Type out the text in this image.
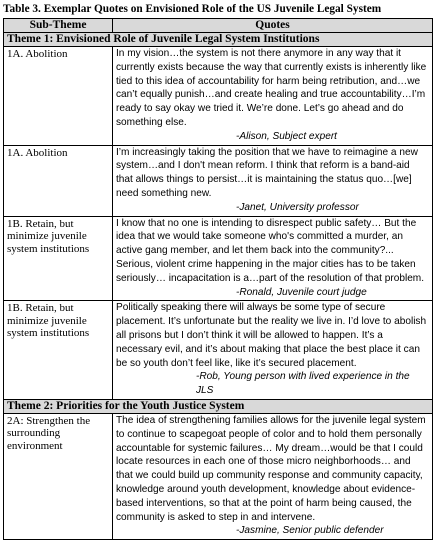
Table 3. Exemplar Quotes on Envisioned Role of the US Juvenile Legal System
Sub-Theme	Quotes
Theme 1: Envisioned Role of Juvenile Legal System Institutions	
1A. Abolition	In my vision…the system is not there anymore in any way that it currently exists because the way that currently exists is inherently like tied to this idea of accountability for harm being retribution, and…we can’t equally punish…and create healing and true accountability…I’m ready to say okay we tried it. We’re done. Let’s go ahead and do something else.
-Alison, Subject expert

1A. Abolition	I’m increasingly taking the position that we have to reimagine a new system…and I don't mean reform. I think that reform is a band-aid that allows things to persist…it is maintaining the status quo…[we] need something new.
-Janet, University professor

1B. Retain, but minimize juvenile system institutions	I know that no one is intending to disrespect public safety… But the idea that we would take someone who's committed a murder, an active gang member, and let them back into the community?... Serious, violent crime happening in the major cities has to be taken seriously… incapacitation is a…part of the resolution of that problem.
-Ronald, Juvenile court judge

1B. Retain, but minimize juvenile system institutions	Politically speaking there will always be some type of secure placement. It’s unfortunate but the reality we live in. I’d love to abolish all prisons but I don’t think it will be allowed to happen. It’s a necessary evil, and it’s about making that place the best place it can be so youth don’t feel like, like it’s secured placement.
-Rob, Young person with lived experience in the JLS

Theme 2: Priorities for the Youth Justice System	
2A: Strengthen the surrounding environment	The idea of strengthening families allows for the juvenile legal system to continue to scapegoat people of color and to hold them personally accountable for systemic failures… My dream…would be that I could locate resources in each one of those micro neighborhoods… and that we could build up community response and community capacity, knowledge around youth development, knowledge about evidence-based interventions, so that at the point of harm being caused, the community is asked to step in and intervene.
-Jasmine, Senior public defender
